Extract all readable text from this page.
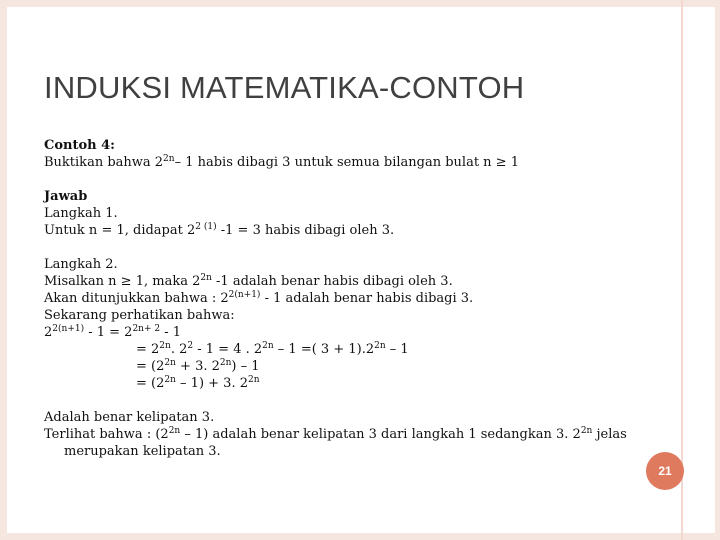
INDUKSI MATEMATIKA-CONTOH
Contoh 4:
Buktikan bahwa $2^{2n}-$ 1 habis dibagi 3 untuk semua bilangan bulat n ≥ 1
Jawab
Langkah 1.
Untuk n = 1, didapat $2^{2 (1)}$ -1 = 3 habis dibagi oleh 3.
Langkah 2.
Misalkan n ≥ 1, maka $2^{2n}$ -1 adalah benar habis dibagi oleh 3.
Akan ditunjukkan bahwa : $2^{2(n+1)} - 1$ adalah benar habis dibagi 3.
Sekarang perhatikan bahwa:
$2^{2(n+1)} - 1 = 2^{2n+ 2} - 1$
= $2^{2n}$. $2^2 - 1 = 4$ . $2^{2n} - 1$ =( $3 + 1).2^{2n} - 1$
= ($2^{2n} + 3$. $2^{2n}) - 1$
= $(2^{2n} - 1) + 3$. $2^{2n}$
Adalah benar kelipatan 3.
Terlihat bahwa : $(2^{2n} - 1)$ adalah benar kelipatan 3 dari langkah 1 sedangkan 3. $2^{2n}$ jelas
merupakan kelipatan 3.
21
